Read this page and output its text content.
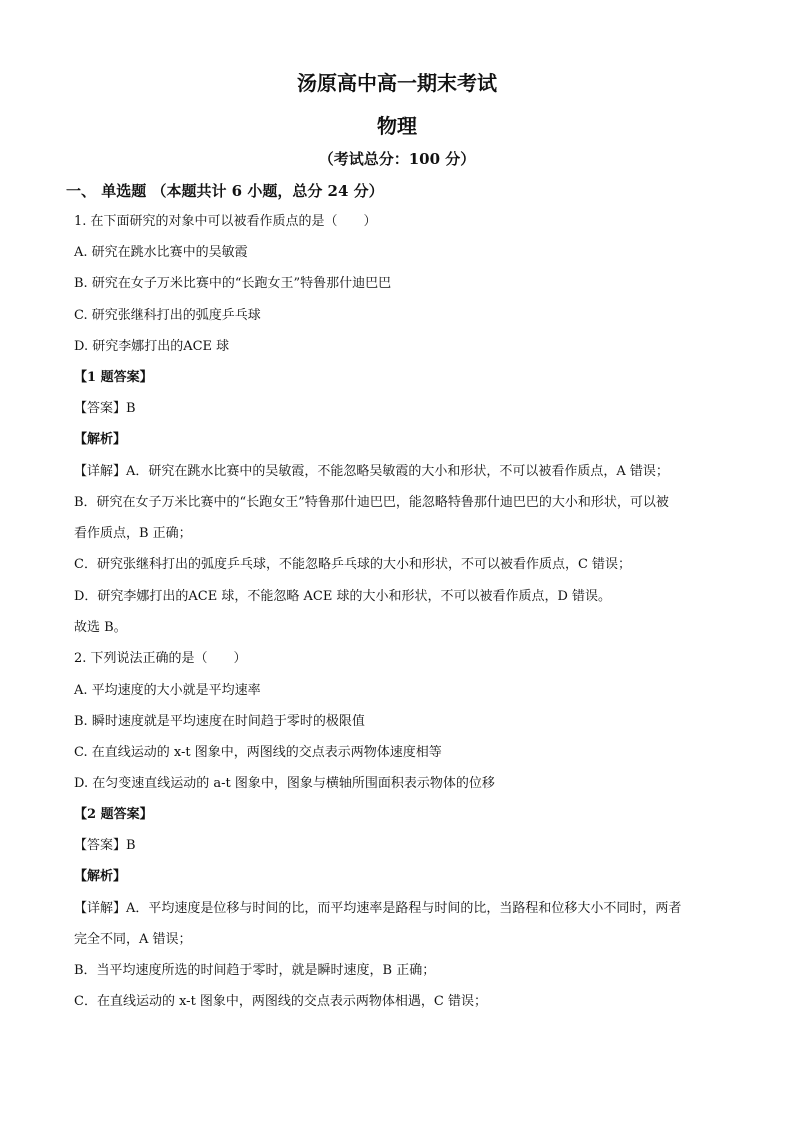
汤原高中高一期末考试
物理
（考试总分：100 分）
一、 单选题 （本题共计 6 小题，总分 24 分）
1. 在下面研究的对象中可以被看作质点的是（　　）
A. 研究在跳水比赛中的吴敏霞
B. 研究在女子万米比赛中的“长跑女王”特鲁那什迪巴巴
C. 研究张继科打出的弧度乒乓球
D. 研究李娜打出的ACE 球
【1 题答案】
【答案】B
【解析】
【详解】A．研究在跳水比赛中的吴敏霞，不能忽略吴敏霞的大小和形状，不可以被看作质点，A 错误；
B．研究在女子万米比赛中的“长跑女王”特鲁那什迪巴巴，能忽略特鲁那什迪巴巴的大小和形状，可以被
看作质点，B 正确；
C．研究张继科打出的弧度乒乓球，不能忽略乒乓球的大小和形状，不可以被看作质点，C 错误；
D．研究李娜打出的ACE 球，不能忽略 ACE 球的大小和形状，不可以被看作质点，D 错误。
故选 B。
2. 下列说法正确的是（　　）
A. 平均速度的大小就是平均速率
B. 瞬时速度就是平均速度在时间趋于零时的极限值
C. 在直线运动的 x-t 图象中，两图线的交点表示两物体速度相等
D. 在匀变速直线运动的 a-t 图象中，图象与横轴所围面积表示物体的位移
【2 题答案】
【答案】B
【解析】
【详解】A．平均速度是位移与时间的比，而平均速率是路程与时间的比，当路程和位移大小不同时，两者
完全不同，A 错误；
B．当平均速度所选的时间趋于零时，就是瞬时速度，B 正确；
C．在直线运动的 x-t 图象中，两图线的交点表示两物体相遇，C 错误；
